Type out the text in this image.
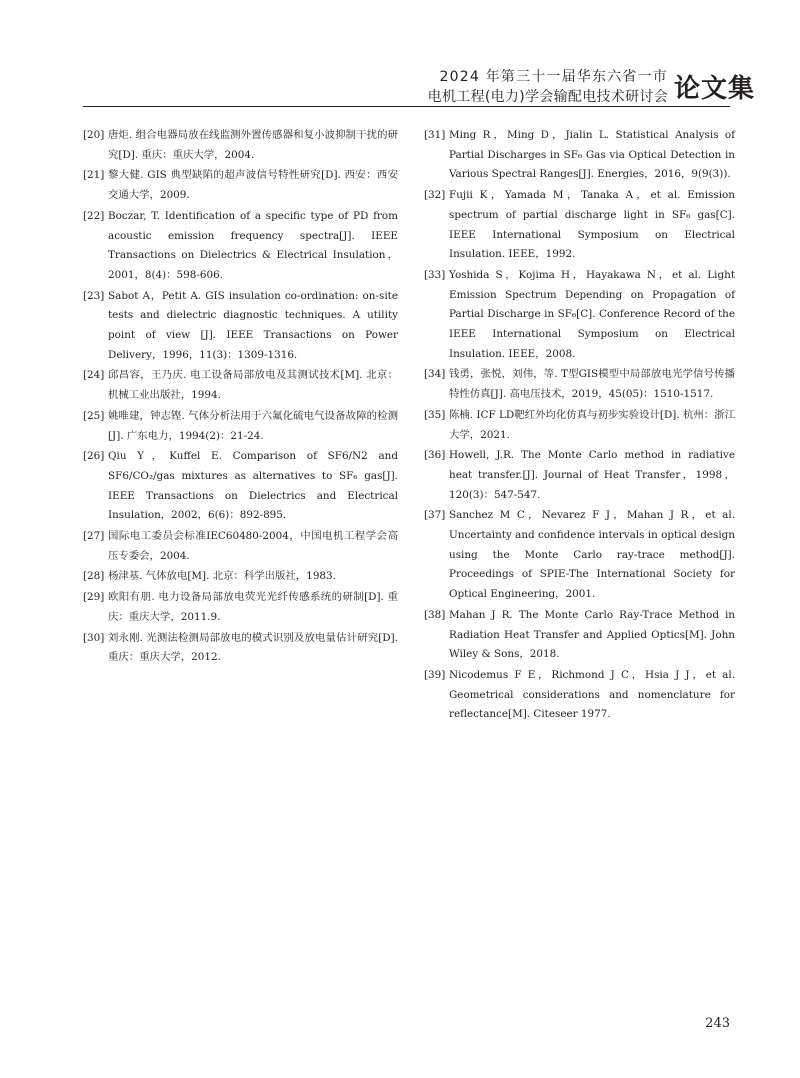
2024 年第三十一届华东六省一市
电机工程(电力)学会输配电技术研讨会 论文集
[20] 唐炬. 组合电器局放在线监测外置传感器和复小波抑制干扰的研究[D]. 重庆：重庆大学，2004.
[21] 黎大健. GIS 典型缺陷的超声波信号特性研究[D]. 西安：西安交通大学，2009.
[22] Boczar, T. Identification of a specific type of PD from acoustic emission frequency spectra[J]. IEEE Transactions on Dielectrics & Electrical Insulation，2001，8(4)：598-606.
[23] Sabot A，Petit A. GIS insulation co-ordination: on-site tests and dielectric diagnostic techniques. A utility point of view [J]. IEEE Transactions on Power Delivery，1996，11(3)：1309-1316.
[24] 邱昌容，王乃庆. 电工设备局部放电及其测试技术[M]. 北京：机械工业出版社，1994.
[25] 姚唯建，钟志铿. 气体分析法用于六氟化硫电气设备故障的检测[J]. 广东电力，1994(2)：21-24.
[26] Qiu Y，Kuffel E. Comparison of SF6/N2 and SF6/CO₂/gas mixtures as alternatives to SF₆ gas[J]. IEEE Transactions on Dielectrics and Electrical Insulation，2002，6(6)：892-895.
[27] 国际电工委员会标准IEC60480-2004，中国电机工程学会高压专委会，2004.
[28] 杨津基. 气体放电[M]. 北京：科学出版社，1983.
[29] 欧阳有朋. 电力设备局部放电荧光光纤传感系统的研制[D]. 重庆：重庆大学，2011.9.
[30] 刘永刚. 光测法检测局部放电的模式识别及放电量估计研究[D]. 重庆：重庆大学，2012.
[31] Ming R，Ming D，Jialin L. Statistical Analysis of Partial Discharges in SF₆ Gas via Optical Detection in Various Spectral Ranges[J]. Energies，2016，9(9(3)).
[32] Fujii K，Yamada M，Tanaka A，et al. Emission spectrum of partial discharge light in SF₆ gas[C]. IEEE International Symposium on Electrical Insulation. IEEE，1992.
[33] Yoshida S，Kojima H，Hayakawa N，et al. Light Emission Spectrum Depending on Propagation of Partial Discharge in SF₆[C]. Conference Record of the IEEE International Symposium on Electrical Insulation. IEEE，2008.
[34] 钱勇，张悦，刘伟，等. T型GIS模型中局部放电光学信号传播特性仿真[J]. 高电压技术，2019，45(05)：1510-1517.
[35] 陈楠. ICF LD靶红外均化仿真与初步实验设计[D]. 杭州：浙江大学，2021.
[36] Howell, J.R. The Monte Carlo method in radiative heat transfer.[J]. Journal of Heat Transfer，1998，120(3)：547-547.
[37] Sanchez M C，Nevarez F J，Mahan J R，et al. Uncertainty and confidence intervals in optical design using the Monte Carlo ray-trace method[J]. Proceedings of SPIE-The International Society for Optical Engineering，2001.
[38] Mahan J R. The Monte Carlo Ray-Trace Method in Radiation Heat Transfer and Applied Optics[M]. John Wiley & Sons，2018.
[39] Nicodemus F E，Richmond J C，Hsia J J，et al. Geometrical considerations and nomenclature for reflectance[M]. Citeseer 1977.
243
